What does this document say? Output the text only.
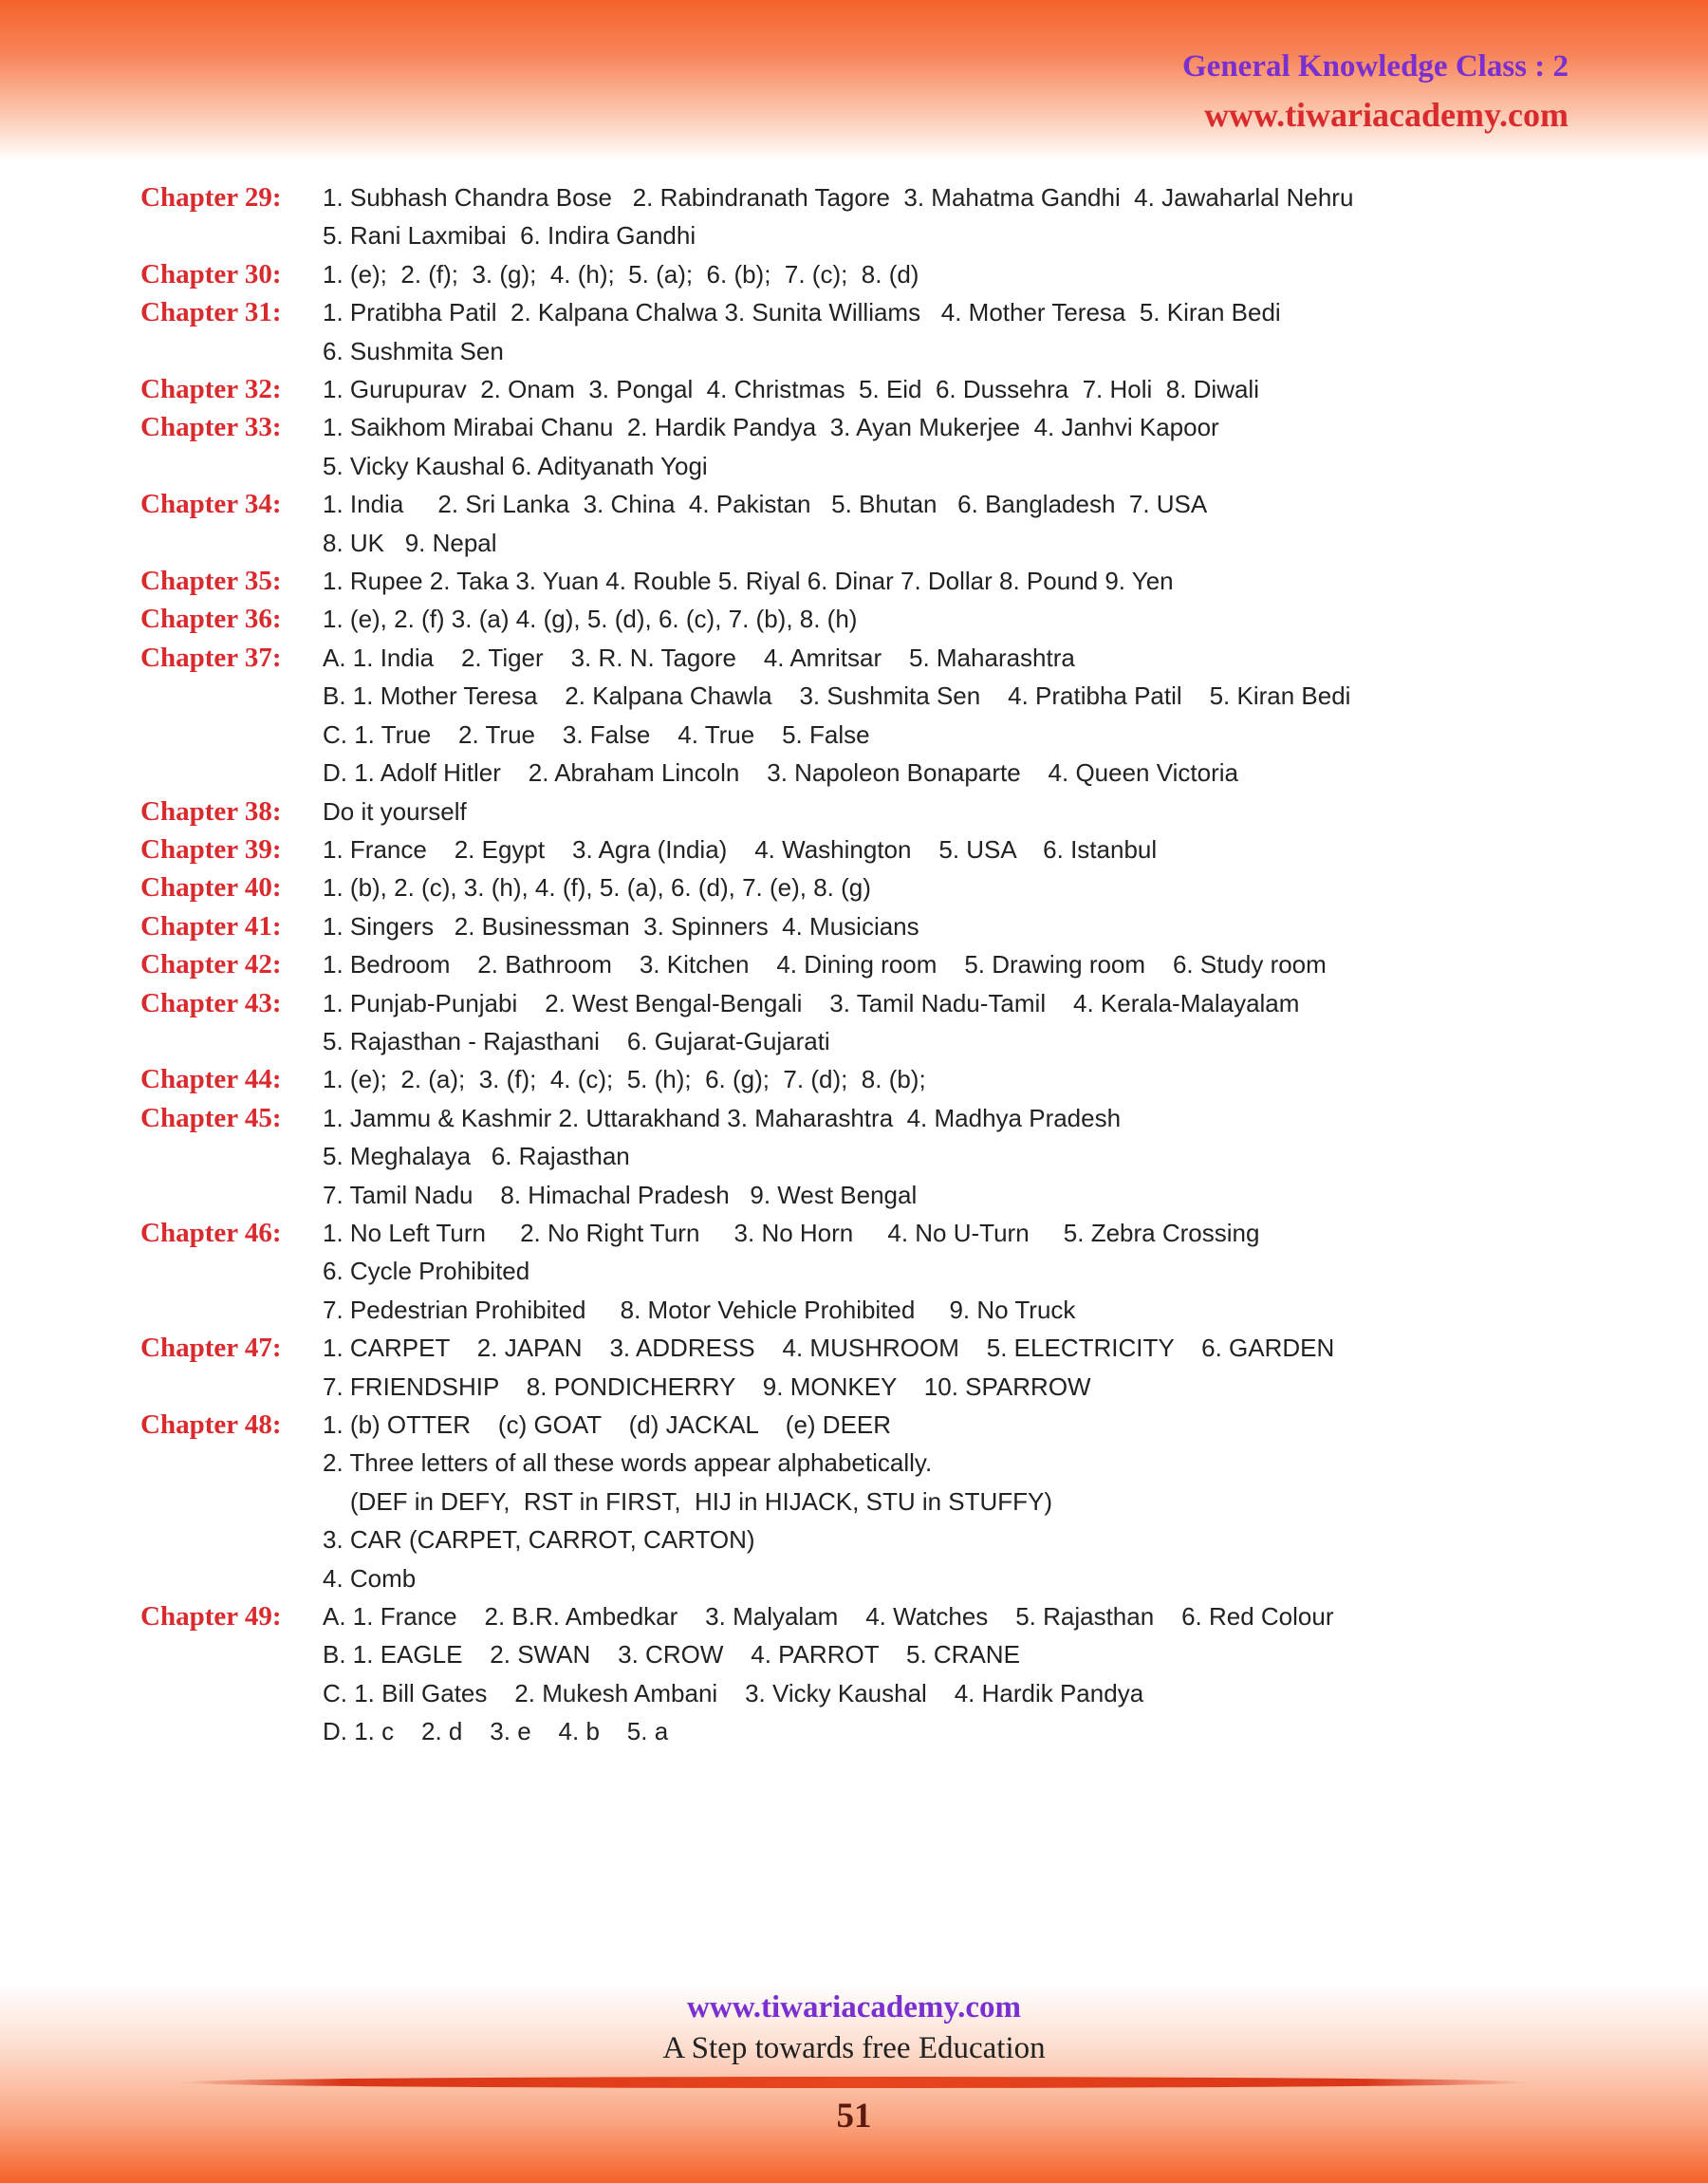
General Knowledge Class : 2
www.tiwariacademy.com
Chapter 29:	1. Subhash Chandra Bose   2. Rabindranath Tagore  3. Mahatma Gandhi  4. Jawaharlal Nehru
5. Rani Laxmibai  6. Indira Gandhi
Chapter 30:	1. (e);  2. (f);  3. (g);  4. (h);  5. (a);  6. (b);  7. (c);  8. (d)
Chapter 31:	1. Pratibha Patil  2. Kalpana Chalwa 3. Sunita Williams   4. Mother Teresa  5. Kiran Bedi
6. Sushmita Sen
Chapter 32:	1. Gurupurav  2. Onam  3. Pongal  4. Christmas  5. Eid  6. Dussehra  7. Holi  8. Diwali
Chapter 33:	1. Saikhom Mirabai Chanu  2. Hardik Pandya  3. Ayan Mukerjee  4. Janhvi Kapoor
5. Vicky Kaushal 6. Adityanath Yogi
Chapter 34:	1. India     2. Sri Lanka  3. China  4. Pakistan   5. Bhutan   6. Bangladesh  7. USA
8. UK   9. Nepal
Chapter 35:	1. Rupee 2. Taka 3. Yuan 4. Rouble 5. Riyal 6. Dinar 7. Dollar 8. Pound 9. Yen
Chapter 36:	1. (e), 2. (f) 3. (a) 4. (g), 5. (d), 6. (c), 7. (b), 8. (h)
Chapter 37:	A. 1. India    2. Tiger    3. R. N. Tagore    4. Amritsar    5. Maharashtra
B. 1. Mother Teresa    2. Kalpana Chawla    3. Sushmita Sen    4. Pratibha Patil    5. Kiran Bedi
C. 1. True    2. True    3. False    4. True    5. False
D. 1. Adolf Hitler    2. Abraham Lincoln    3. Napoleon Bonaparte    4. Queen Victoria
Chapter 38:	Do it yourself
Chapter 39:	1. France    2. Egypt    3. Agra (India)    4. Washington    5. USA    6. Istanbul
Chapter 40:	1. (b), 2. (c), 3. (h), 4. (f), 5. (a), 6. (d), 7. (e), 8. (g)
Chapter 41:	1. Singers   2. Businessman  3. Spinners  4. Musicians
Chapter 42:	1. Bedroom    2. Bathroom    3. Kitchen    4. Dining room    5. Drawing room    6. Study room
Chapter 43:	1. Punjab-Punjabi    2. West Bengal-Bengali    3. Tamil Nadu-Tamil    4. Kerala-Malayalam
5. Rajasthan - Rajasthani    6. Gujarat-Gujarati
Chapter 44:	1. (e);  2. (a);  3. (f);  4. (c);  5. (h);  6. (g);  7. (d);  8. (b);
Chapter 45:	1. Jammu & Kashmir 2. Uttarakhand 3. Maharashtra  4. Madhya Pradesh
5. Meghalaya   6. Rajasthan
7. Tamil Nadu    8. Himachal Pradesh   9. West Bengal
Chapter 46:	1. No Left Turn     2. No Right Turn     3. No Horn     4. No U-Turn     5. Zebra Crossing
6. Cycle Prohibited
7. Pedestrian Prohibited     8. Motor Vehicle Prohibited     9. No Truck
Chapter 47:	1. CARPET    2. JAPAN    3. ADDRESS    4. MUSHROOM    5. ELECTRICITY    6. GARDEN
7. FRIENDSHIP    8. PONDICHERRY    9. MONKEY    10. SPARROW
Chapter 48:	1. (b) OTTER    (c) GOAT    (d) JACKAL    (e) DEER
2. Three letters of all these words appear alphabetically.
(DEF in DEFY,  RST in FIRST,  HIJ in HIJACK, STU in STUFFY)
3. CAR (CARPET, CARROT, CARTON)
4. Comb
Chapter 49:	A. 1. France    2. B.R. Ambedkar    3. Malyalam    4. Watches    5. Rajasthan    6. Red Colour
B. 1. EAGLE    2. SWAN    3. CROW    4. PARROT    5. CRANE
C. 1. Bill Gates    2. Mukesh Ambani    3. Vicky Kaushal    4. Hardik Pandya
D. 1. c    2. d    3. e    4. b    5. a
www.tiwariacademy.com
A Step towards free Education
51
